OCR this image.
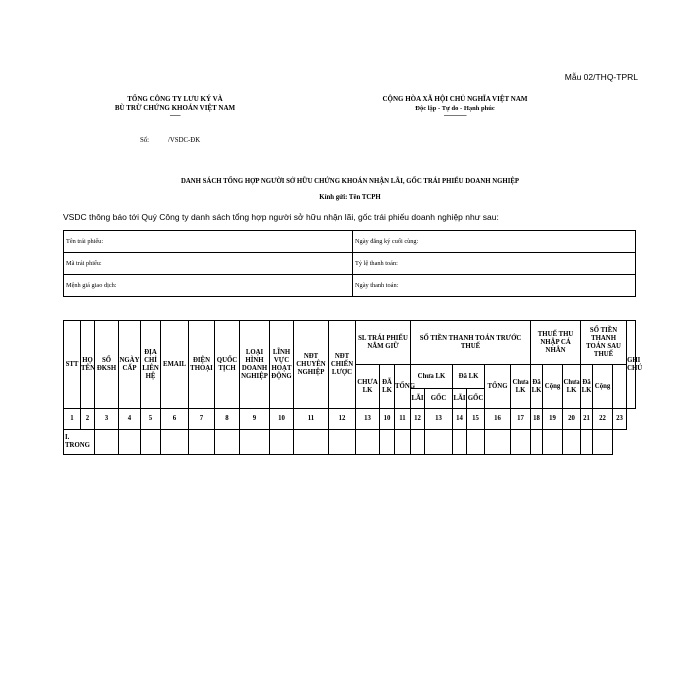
Mẫu 02/THQ-TPRL
TỔNG CÔNG TY LƯU KÝ VÀ
BÙ TRỪ CHỨNG KHOÁN VIỆT NAM
-------
CỘNG HÒA XÃ HỘI CHỦ NGHĨA VIỆT NAM
Độc lập - Tự do - Hạnh phúc
---------------
Số:	/VSDC-ĐK
DANH SÁCH TỔNG HỢP NGƯỜI SỞ HỮU CHỨNG KHOÁN NHẬN LÃI, GỐC TRÁI PHIẾU DOANH NGHIỆP
Kính gửi: Tên TCPH
VSDC thông báo tới Quý Công ty danh sách tổng hợp người sở hữu nhận lãi, gốc trái phiếu doanh nghiệp như sau:
Tên trái phiếu:	Ngày đăng ký cuối cùng:
Mã trái phiếu:	Tỷ lệ thanh toán:
Mệnh giá giao dịch:	Ngày thanh toán:
STT	HỌ TÊN	SỐ ĐKSH	NGÀY CẤP	ĐỊA CHỈ LIÊN HỆ	EMAIL	ĐIỆN THOẠI	QUỐC TỊCH	LOẠI HÌNH DOANH NGHIỆP	LĨNH VỰC HOẠT ĐỘNG	NĐT CHUYÊN NGHIỆP	NĐT CHIẾN LƯỢC	SL TRÁI PHIẾU NẮM GIỮ			SỐ TIỀN THANH TOÁN TRƯỚC THUẾ						THUẾ THU NHẬP CÁ NHÂN			SỐ TIỀN THANH TOÁN SAU THUẾ			GHI CHÚ
												CHƯA LK	ĐÃ LK	TỔNG	Chưa LK		Đã LK		TỔNG	Chưa LK	Đã LK	Cộng	Chưa LK	Đã LK	Cộng		
															LÃI	GỐC	LÃI	GỐC									
1	2	3	4	5	6	7	8	9	10	11	12	13	10	11	12	13	14	15	16	17	18	19	20	21	22	23	
I. TRONG																											
